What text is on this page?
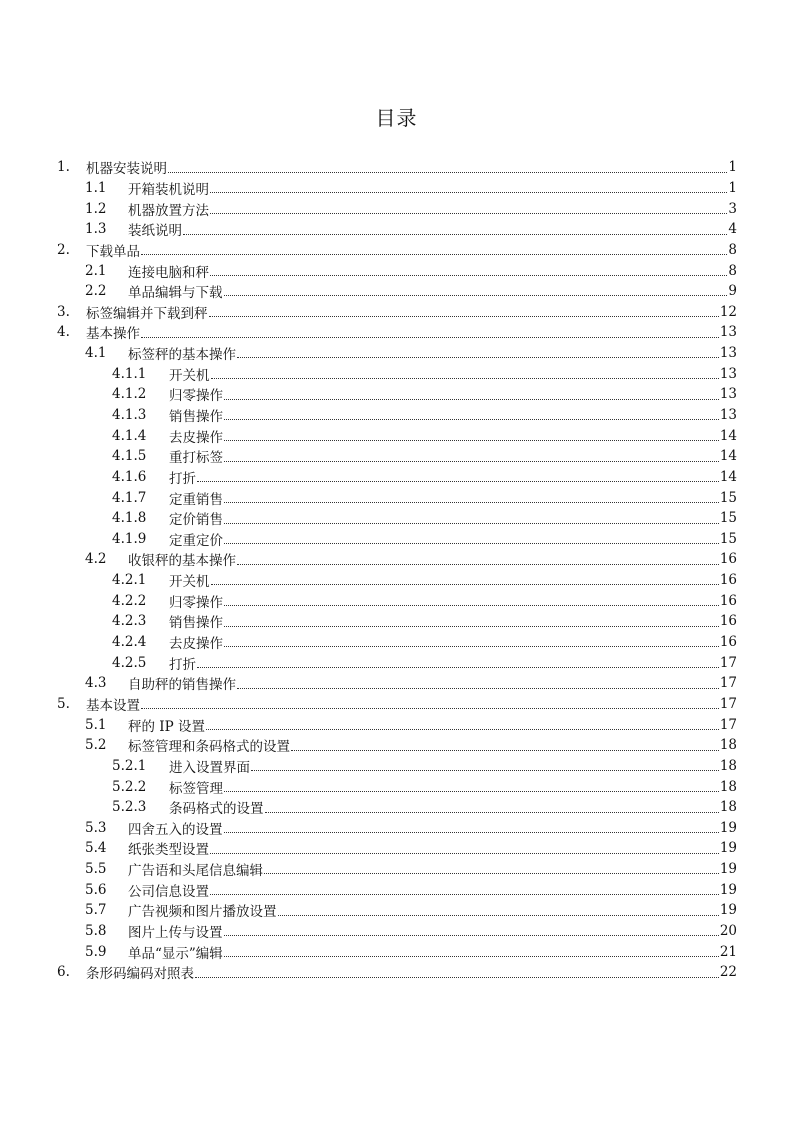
目录
1.	机器安装说明	1
1.1	开箱装机说明	1
1.2	机器放置方法	3
1.3	装纸说明	4
2.	下载单品	8
2.1	连接电脑和秤	8
2.2	单品编辑与下载	9
3.	标签编辑并下载到秤	12
4.	基本操作	13
4.1	标签秤的基本操作	13
4.1.1	开关机	13
4.1.2	归零操作	13
4.1.3	销售操作	13
4.1.4	去皮操作	14
4.1.5	重打标签	14
4.1.6	打折	14
4.1.7	定重销售	15
4.1.8	定价销售	15
4.1.9	定重定价	15
4.2	收银秤的基本操作	16
4.2.1	开关机	16
4.2.2	归零操作	16
4.2.3	销售操作	16
4.2.4	去皮操作	16
4.2.5	打折	17
4.3	自助秤的销售操作	17
5.	基本设置	17
5.1	秤的 IP 设置	17
5.2	标签管理和条码格式的设置	18
5.2.1	进入设置界面	18
5.2.2	标签管理	18
5.2.3	条码格式的设置	18
5.3	四舍五入的设置	19
5.4	纸张类型设置	19
5.5	广告语和头尾信息编辑	19
5.6	公司信息设置	19
5.7	广告视频和图片播放设置	19
5.8	图片上传与设置	20
5.9	单品“显示”编辑	21
6.	条形码编码对照表	22
